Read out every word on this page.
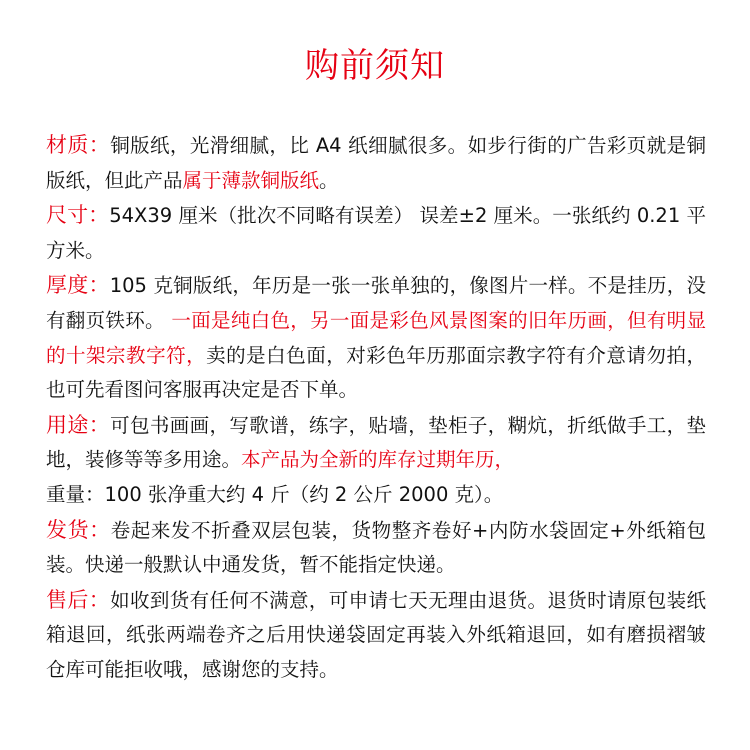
购前须知

材质：铜版纸，光滑细腻，比 A4 纸细腻很多。如步行街的广告彩页就是铜版纸，但此产品属于薄款铜版纸。

尺寸：54X39 厘米（批次不同略有误差） 误差±2 厘米。一张纸约 0.21 平方米。

厚度：105 克铜版纸，年历是一张一张单独的，像图片一样。不是挂历，没有翻页铁环。 一面是纯白色，另一面是彩色风景图案的旧年历画，但有明显的十架宗教字符，卖的是白色面，对彩色年历那面宗教字符有介意请勿拍，也可先看图问客服再决定是否下单。

用途：可包书画画，写歌谱，练字，贴墙，垫柜子，糊炕，折纸做手工，垫地，装修等等多用途。本产品为全新的库存过期年历，
重量：100 张净重大约 4 斤（约 2 公斤 2000 克）。

发货：卷起来发不折叠双层包装，货物整齐卷好+内防水袋固定+外纸箱包装。快递一般默认中通发货，暂不能指定快递。

售后：如收到货有任何不满意，可申请七天无理由退货。退货时请原包装纸箱退回，纸张两端卷齐之后用快递袋固定再装入外纸箱退回，如有磨损褶皱仓库可能拒收哦，感谢您的支持。
